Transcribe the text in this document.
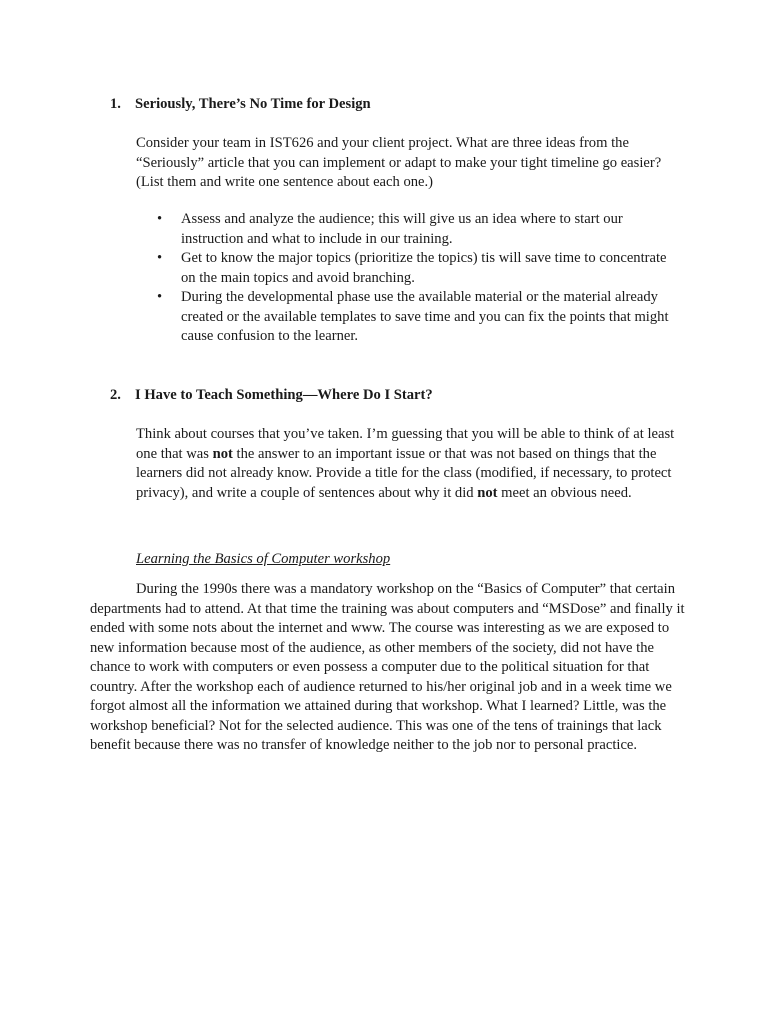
1. Seriously, There’s No Time for Design
Consider your team in IST626 and your client project. What are three ideas from the “Seriously” article that you can implement or adapt to make your tight timeline go easier? (List them and write one sentence about each one.)
• Assess and analyze the audience; this will give us an idea where to start our instruction and what to include in our training.
• Get to know the major topics (prioritize the topics) tis will save time to concentrate on the main topics and avoid branching.
• During the developmental phase use the available material or the material already created or the available templates to save time and you can fix the points that might cause confusion to the learner.
2. I Have to Teach Something—Where Do I Start?
Think about courses that you’ve taken. I’m guessing that you will be able to think of at least one that was not the answer to an important issue or that was not based on things that the learners did not already know. Provide a title for the class (modified, if necessary, to protect privacy), and write a couple of sentences about why it did not meet an obvious need.
Learning the Basics of Computer workshop
During the 1990s there was a mandatory workshop on the “Basics of Computer” that certain departments had to attend. At that time the training was about computers and “MSDose” and finally it ended with some nots about the internet and www. The course was interesting as we are exposed to new information because most of the audience, as other members of the society, did not have the chance to work with computers or even possess a computer due to the political situation for that country. After the workshop each of audience returned to his/her original job and in a week time we forgot almost all the information we attained during that workshop. What I learned? Little, was the workshop beneficial? Not for the selected audience. This was one of the tens of trainings that lack benefit because there was no transfer of knowledge neither to the job nor to personal practice.
